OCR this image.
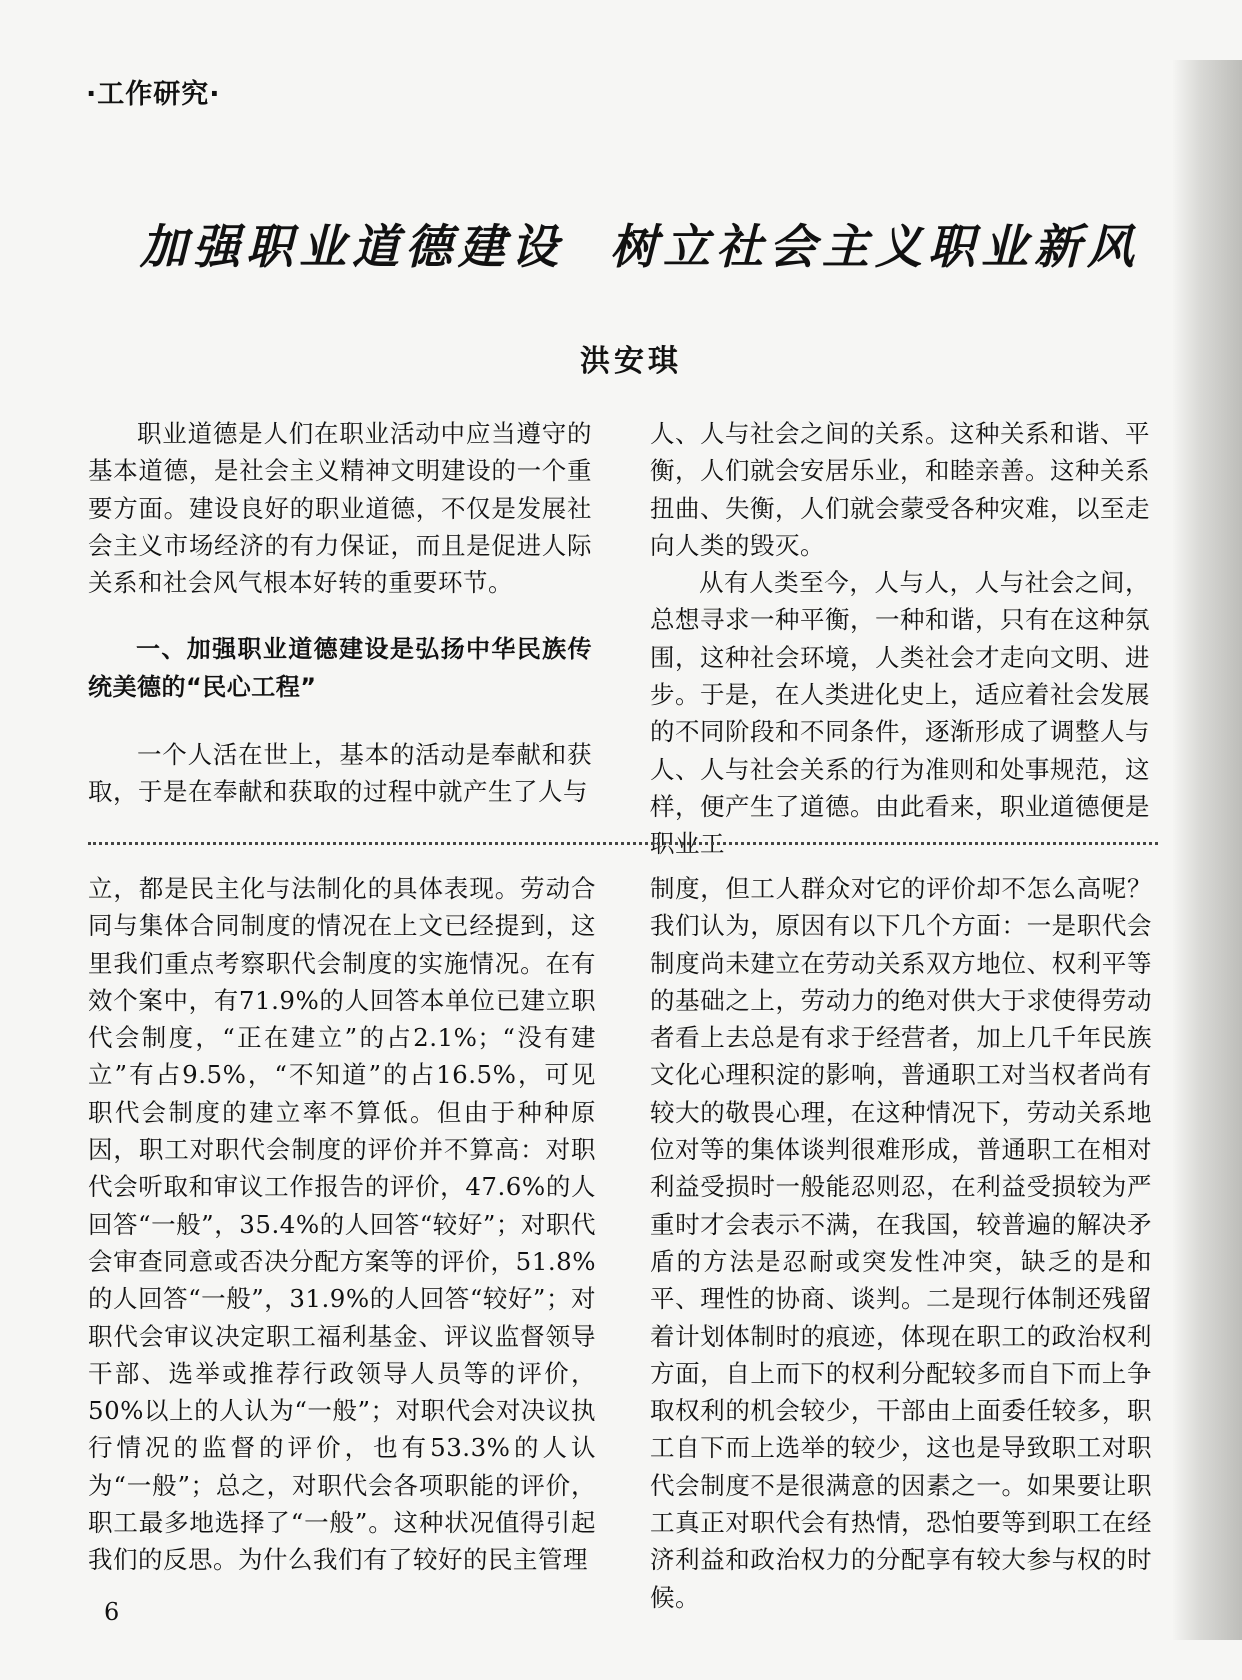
·工作研究·
加强职业道德建设 树立社会主义职业新风
洪安琪

职业道德是人们在职业活动中应当遵守的基本道德，是社会主义精神文明建设的一个重要方面。建设良好的职业道德，不仅是发展社会主义市场经济的有力保证，而且是促进人际关系和社会风气根本好转的重要环节。

一、加强职业道德建设是弘扬中华民族传统美德的“民心工程”

一个人活在世上，基本的活动是奉献和获取，于是在奉献和获取的过程中就产生了人与

人、人与社会之间的关系。这种关系和谐、平衡，人们就会安居乐业，和睦亲善。这种关系扭曲、失衡，人们就会蒙受各种灾难，以至走向人类的毁灭。

从有人类至今，人与人，人与社会之间，总想寻求一种平衡，一种和谐，只有在这种氛围，这种社会环境，人类社会才走向文明、进步。于是，在人类进化史上，适应着社会发展的不同阶段和不同条件，逐渐形成了调整人与人、人与社会关系的行为准则和处事规范，这样，便产生了道德。由此看来，职业道德便是职业工

立，都是民主化与法制化的具体表现。劳动合同与集体合同制度的情况在上文已经提到，这里我们重点考察职代会制度的实施情况。在有效个案中，有71.9%的人回答本单位已建立职代会制度，“正在建立”的占2.1%；“没有建立”有占9.5%，“不知道”的占16.5%，可见职代会制度的建立率不算低。但由于种种原因，职工对职代会制度的评价并不算高：对职代会听取和审议工作报告的评价，47.6%的人回答“一般”，35.4%的人回答“较好”；对职代会审查同意或否决分配方案等的评价，51.8%的人回答“一般”，31.9%的人回答“较好”；对职代会审议决定职工福利基金、评议监督领导干部、选举或推荐行政领导人员等的评价，50%以上的人认为“一般”；对职代会对决议执行情况的监督的评价，也有53.3%的人认为“一般”；总之，对职代会各项职能的评价，职工最多地选择了“一般”。这种状况值得引起我们的反思。为什么我们有了较好的民主管理

制度，但工人群众对它的评价却不怎么高呢？我们认为，原因有以下几个方面：一是职代会制度尚未建立在劳动关系双方地位、权利平等的基础之上，劳动力的绝对供大于求使得劳动者看上去总是有求于经营者，加上几千年民族文化心理积淀的影响，普通职工对当权者尚有较大的敬畏心理，在这种情况下，劳动关系地位对等的集体谈判很难形成，普通职工在相对利益受损时一般能忍则忍，在利益受损较为严重时才会表示不满，在我国，较普遍的解决矛盾的方法是忍耐或突发性冲突，缺乏的是和平、理性的协商、谈判。二是现行体制还残留着计划体制时的痕迹，体现在职工的政治权利方面，自上而下的权利分配较多而自下而上争取权利的机会较少，干部由上面委任较多，职工自下而上选举的较少，这也是导致职工对职代会制度不是很满意的因素之一。如果要让职工真正对职代会有热情，恐怕要等到职工在经济利益和政治权力的分配享有较大参与权的时候。

6
